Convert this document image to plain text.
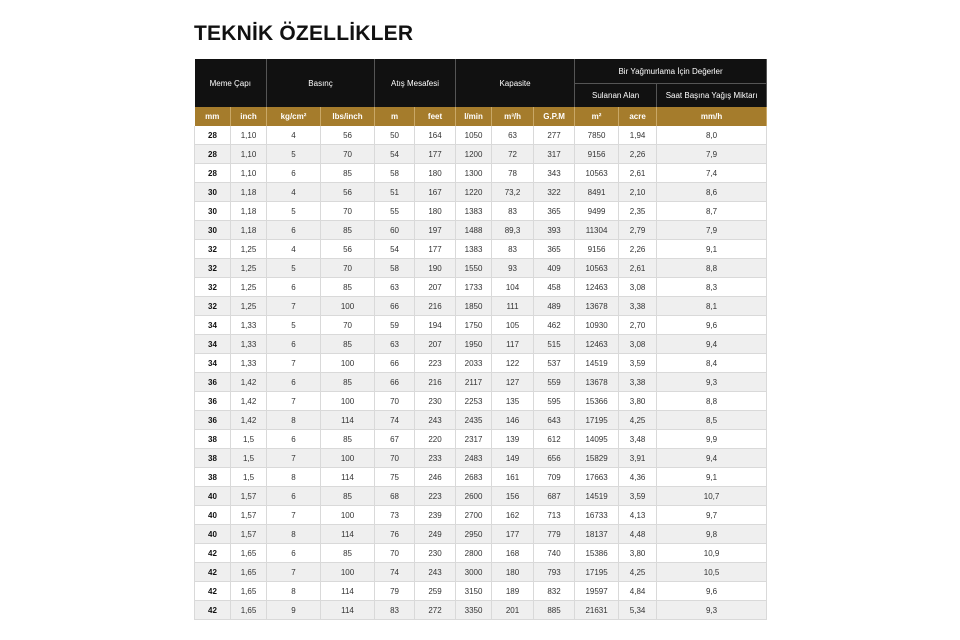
TEKNİK ÖZELLİKLER
Meme Çapı		Basınç		Atış Mesafesi		Kapasite			Bir Yağmurlama İçin Değerler		
									Sulanan Alan		Saat Başına Yağış Miktarı
mm	inch	kg/cm²	lbs/inch	m	feet	l/min	m³/h	G.P.M	m²	acre	mm/h
28	1,10	4	56	50	164	1050	63	277	7850	1,94	8,0
28	1,10	5	70	54	177	1200	72	317	9156	2,26	7,9
28	1,10	6	85	58	180	1300	78	343	10563	2,61	7,4
30	1,18	4	56	51	167	1220	73,2	322	8491	2,10	8,6
30	1,18	5	70	55	180	1383	83	365	9499	2,35	8,7
30	1,18	6	85	60	197	1488	89,3	393	11304	2,79	7,9
32	1,25	4	56	54	177	1383	83	365	9156	2,26	9,1
32	1,25	5	70	58	190	1550	93	409	10563	2,61	8,8
32	1,25	6	85	63	207	1733	104	458	12463	3,08	8,3
32	1,25	7	100	66	216	1850	111	489	13678	3,38	8,1
34	1,33	5	70	59	194	1750	105	462	10930	2,70	9,6
34	1,33	6	85	63	207	1950	117	515	12463	3,08	9,4
34	1,33	7	100	66	223	2033	122	537	14519	3,59	8,4
36	1,42	6	85	66	216	2117	127	559	13678	3,38	9,3
36	1,42	7	100	70	230	2253	135	595	15366	3,80	8,8
36	1,42	8	114	74	243	2435	146	643	17195	4,25	8,5
38	1,5	6	85	67	220	2317	139	612	14095	3,48	9,9
38	1,5	7	100	70	233	2483	149	656	15829	3,91	9,4
38	1,5	8	114	75	246	2683	161	709	17663	4,36	9,1
40	1,57	6	85	68	223	2600	156	687	14519	3,59	10,7
40	1,57	7	100	73	239	2700	162	713	16733	4,13	9,7
40	1,57	8	114	76	249	2950	177	779	18137	4,48	9,8
42	1,65	6	85	70	230	2800	168	740	15386	3,80	10,9
42	1,65	7	100	74	243	3000	180	793	17195	4,25	10,5
42	1,65	8	114	79	259	3150	189	832	19597	4,84	9,6
42	1,65	9	114	83	272	3350	201	885	21631	5,34	9,3
